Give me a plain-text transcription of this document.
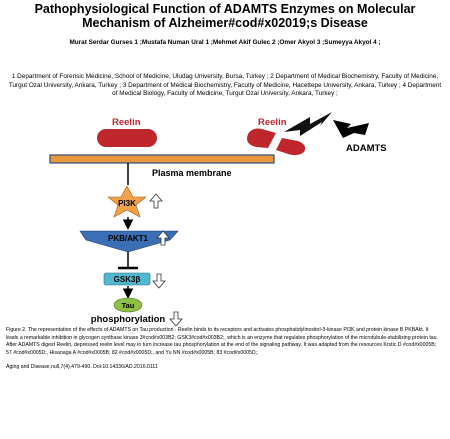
Pathophysiological Function of ADAMTS Enzymes on Molecular Mechanism of Alzheimer#cod#x02019;s Disease
Murat Serdar Gurses 1 ;Mustafa Numan Ural 1 ;Mehmet Akif Gulec 2 ;Omer Akyol 3 ;Sumeyya Akyol 4 ;
1 Department of Forensic Medicine, School of Medicine, Uludag University, Bursa, Turkey ; 2 Department of Medical Biochemistry, Faculty of Medicine, Turgut Ozal University, Ankara, Turkey ; 3 Department of Medical Biochemistry, Faculty of Medicine, Hacettepe University, Ankara, Turkey ; 4 Department of Medical Biology, Faculty of Medicine, Turgut Ozal University, Ankara, Turkey ;
Reelin	Reelin
ADAMTS
Plasma membrane
PI3K
PKB/AKT1
GSK3β
Tau
phosphorylation
Figure 2. The representation of the effects of ADAMTS on Tau production . Reelin binds to its receptors and activates phosphatidylinositol-3-kinase PI3K and protein kinase B PKBAkt. It leads a remarkable inhibition in glycogen synthase kinase 3#cod#x003B2; GSK3#cod#x003B2;, which is an enzyme that regulates phosphorylation of the microtubule-stabilizing protein tau. After ADAMTS digest Reelin, depressed reelin level may in turn increase tau phosphorylation at the end of the signaling pathway. It was adapted from the resources Krstic D #cod#x0005B; 57 #cod#x0005D;, Hisanaga A #cod#x0005B; 82 #cod#x0005D;, and Yu NN #cod#x0005B; 83 #cod#x0005D;.
Aging and Disease,null,7(4),479-490. Doi:10.14336/AD.2016.0111
